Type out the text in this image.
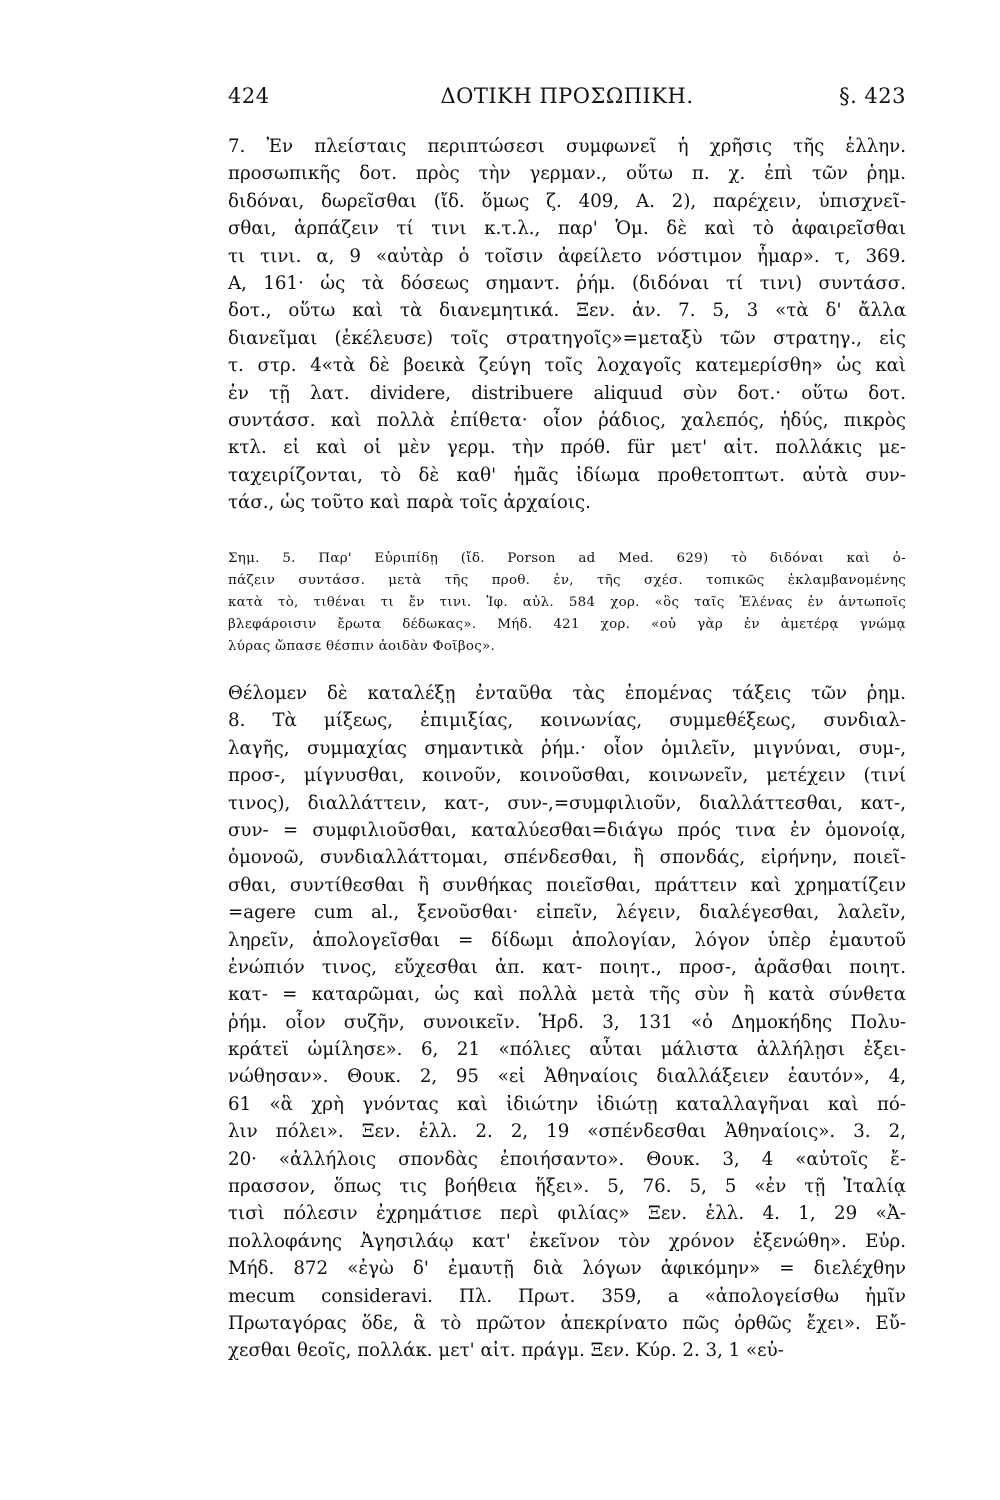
424	ΔΟΤΙΚΗ ΠΡΟΣΩΠΙΚΗ.	§. 423
7. Ἐν πλείσταις περιπτώσεσι συμφωνεῖ ἡ χρῆσις τῆς ἑλλην.
προσωπικῆς δοτ. πρὸς τὴν γερμαν., οὕτω π. χ. ἐπὶ τῶν ῥημ.
διδόναι, δωρεῖσθαι (ἴδ. ὅμως ζ. 409, Α. 2), παρέχειν, ὑπισχνεῖ-
σθαι, ἁρπάζειν τί τινι κ.τ.λ., παρ' Ὁμ. δὲ καὶ τὸ ἀφαιρεῖσθαι
τι τινι. α, 9 «αὐτὰρ ὁ τοῖσιν ἀφείλετο νόστιμον ἦμαρ». τ, 369.
Α, 161· ὡς τὰ δόσεως σημαντ. ῥήμ. (διδόναι τί τινι) συντάσσ.
δοτ., οὕτω καὶ τὰ διανεμητικά. Ξεν. ἀν. 7. 5, 3 «τὰ δ' ἄλλα
διανεῖμαι (ἐκέλευσε) τοῖς στρατηγοῖς»=μεταξὺ τῶν στρατηγ., εἰς
τ. στρ. 4«τὰ δὲ βοεικὰ ζεύγη τοῖς λοχαγοῖς κατεμερίσθη» ὡς καὶ
ἐν τῇ λατ. dividere, distribuere aliquud σὺν δοτ.· οὕτω δοτ.
συντάσσ. καὶ πολλὰ ἐπίθετα· οἷον ῥάδιος, χαλεπός, ἡδύς, πικρὸς
κτλ. εἰ καὶ οἱ μὲν γερμ. τὴν πρόθ. für μετ' αἰτ. πολλάκις με-
ταχειρίζονται, τὸ δὲ καθ' ἡμᾶς ἰδίωμα προθετοπτωτ. αὐτὰ συν-
τάσ., ὡς τοῦτο καὶ παρὰ τοῖς ἀρχαίοις.
Σημ. 5. Παρ' Εὐριπίδῃ (ἴδ. Porson ad Med. 629) τὸ διδόναι καὶ ὀ-
πάζειν συντάσσ. μετὰ τῆς προθ. ἐν, τῆς σχέσ. τοπικῶς ἐκλαμβανομένης
κατὰ τὸ, τιθέναι τι ἔν τινι. Ἰφ. αὐλ. 584 χορ. «ὃς ταῖς Ἑλένας ἐν ἀντωποῖς
βλεφάροισιν ἔρωτα δέδωκας». Μήδ. 421 χορ. «οὐ γὰρ ἐν ἁμετέρᾳ γνώμᾳ
λύρας ὤπασε θέσπιν ἀοιδὰν Φοῖβος».
Θέλομεν δὲ καταλέξῃ ἐνταῦθα τὰς ἑπομένας τάξεις τῶν ῥημ.
8. Τὰ μίξεως, ἐπιμιξίας, κοινωνίας, συμμεθέξεως, συνδιαλ-
λαγῆς, συμμαχίας σημαντικὰ ῥήμ.· οἷον ὁμιλεῖν, μιγνύναι, συμ-,
προσ-, μίγνυσθαι, κοινοῦν, κοινοῦσθαι, κοινωνεῖν, μετέχειν (τινί
τινος), διαλλάττειν, κατ-, συν-,=συμφιλιοῦν, διαλλάττεσθαι, κατ-,
συν- = συμφιλιοῦσθαι, καταλύεσθαι=διάγω πρός τινα ἐν ὁμονοίᾳ,
ὁμονοῶ, συνδιαλλάττομαι, σπένδεσθαι, ἢ σπονδάς, εἰρήνην, ποιεῖ-
σθαι, συντίθεσθαι ἢ συνθήκας ποιεῖσθαι, πράττειν καὶ χρηματίζειν
=agere cum al., ξενοῦσθαι· εἰπεῖν, λέγειν, διαλέγεσθαι, λαλεῖν,
ληρεῖν, ἀπολογεῖσθαι = δίδωμι ἀπολογίαν, λόγον ὑπὲρ ἐμαυτοῦ
ἐνώπιόν τινος, εὔχεσθαι ἀπ. κατ- ποιητ., προσ-, ἀρᾶσθαι ποιητ.
κατ- = καταρῶμαι, ὡς καὶ πολλὰ μετὰ τῆς σὺν ἢ κατὰ σύνθετα
ῥήμ. οἷον συζῆν, συνοικεῖν. Ἡρδ. 3, 131 «ὁ Δημοκήδης Πολυ-
κράτεϊ ὡμίλησε». 6, 21 «πόλιες αὗται μάλιστα ἀλλήλῃσι ἐξει-
νώθησαν». Θουκ. 2, 95 «εἰ Ἀθηναίοις διαλλάξειεν ἑαυτόν», 4,
61 «ἃ χρὴ γνόντας καὶ ἰδιώτην ἰδιώτῃ καταλλαγῆναι καὶ πό-
λιν πόλει». Ξεν. ἑλλ. 2. 2, 19 «σπένδεσθαι Ἀθηναίοις». 3. 2,
20· «ἀλλήλοις σπονδὰς ἐποιήσαντο». Θουκ. 3, 4 «αὐτοῖς ἔ-
πρασσον, ὅπως τις βοήθεια ἥξει». 5, 76. 5, 5 «ἐν τῇ Ἰταλίᾳ
τισὶ πόλεσιν ἐχρημάτισε περὶ φιλίας» Ξεν. ἑλλ. 4. 1, 29 «Ἀ-
πολλοφάνης Ἀγησιλάῳ κατ' ἐκεῖνον τὸν χρόνον ἐξενώθη». Εὐρ.
Μήδ. 872 «ἐγὼ δ' ἐμαυτῇ διὰ λόγων ἀφικόμην» = διελέχθην
mecum consideravi. Πλ. Πρωτ. 359, a «ἀπολογείσθω ἡμῖν
Πρωταγόρας ὅδε, ἃ τὸ πρῶτον ἀπεκρίνατο πῶς ὀρθῶς ἔχει». Εὔ-
χεσθαι θεοῖς, πολλάκ. μετ' αἰτ. πράγμ. Ξεν. Κύρ. 2. 3, 1 «εὐ-
